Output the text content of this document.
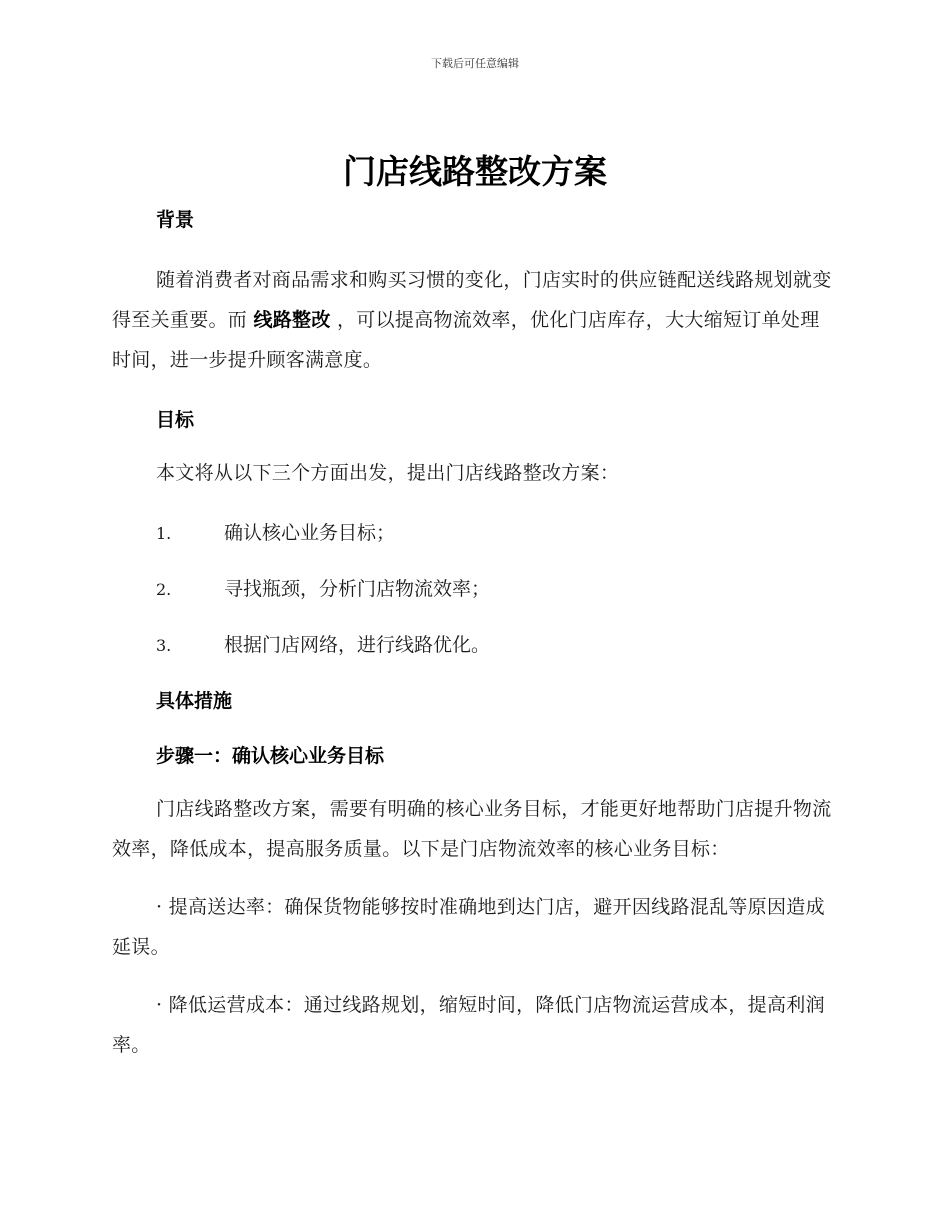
下载后可任意编辑
门店线路整改方案
背景

随着消费者对商品需求和购买习惯的变化，门店实时的供应链配送线路规划就变得至关重要。而 线路整改 ，可以提高物流效率，优化门店库存，大大缩短订单处理时间，进一步提升顾客满意度。

目标

本文将从以下三个方面出发，提出门店线路整改方案：

1.	确认核心业务目标；

2.	寻找瓶颈，分析门店物流效率；

3.	根据门店网络，进行线路优化。

具体措施
步骤一：确认核心业务目标

门店线路整改方案，需要有明确的核心业务目标，才能更好地帮助门店提升物流效率，降低成本，提高服务质量。以下是门店物流效率的核心业务目标：

· 提高送达率：确保货物能够按时准确地到达门店，避开因线路混乱等原因造成延误。

· 降低运营成本：通过线路规划，缩短时间，降低门店物流运营成本，提高利润率。
